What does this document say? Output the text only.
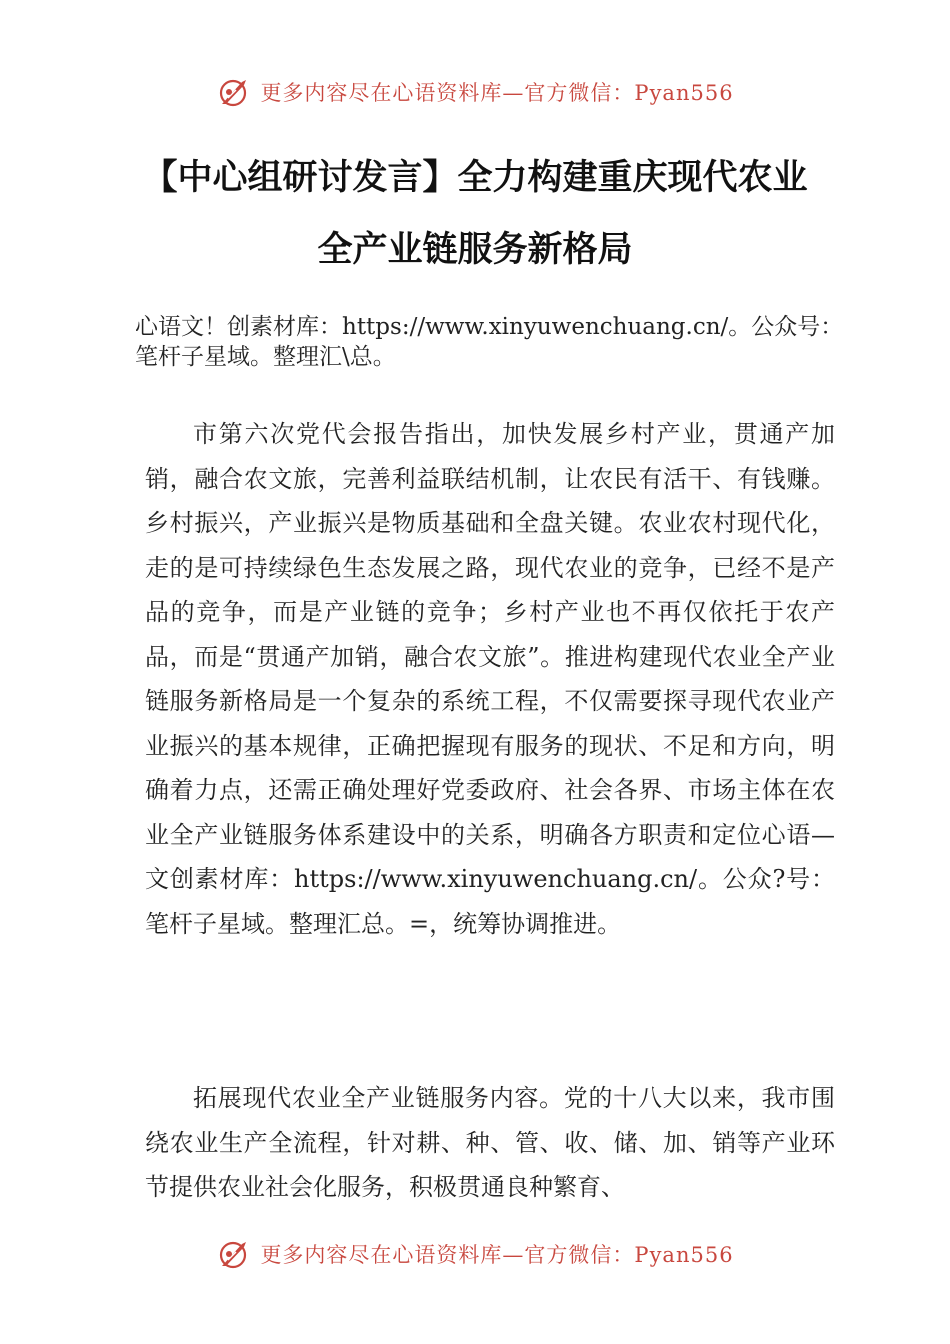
更多内容尽在心语资料库—官方微信：Pyan556
【中心组研讨发言】全力构建重庆现代农业
全产业链服务新格局
心语文！创素材库：https://www.xinyuwenchuang.cn/。公众号：笔杆子星域。整理汇\总。
市第六次党代会报告指出，加快发展乡村产业，贯通产加销，融合农文旅，完善利益联结机制，让农民有活干、有钱赚。乡村振兴，产业振兴是物质基础和全盘关键。农业农村现代化，走的是可持续绿色生态发展之路，现代农业的竞争，已经不是产品的竞争，而是产业链的竞争；乡村产业也不再仅依托于农产品，而是“贯通产加销，融合农文旅”。推进构建现代农业全产业链服务新格局是一个复杂的系统工程，不仅需要探寻现代农业产业振兴的基本规律，正确把握现有服务的现状、不足和方向，明确着力点，还需正确处理好党委政府、社会各界、市场主体在农业全产业链服务体系建设中的关系，明确各方职责和定位心语—文创素材库：https://www.xinyuwenchuang.cn/。公众?号：笔杆子星域。整理汇总。=，统筹协调推进。
拓展现代农业全产业链服务内容。党的十八大以来，我市围绕农业生产全流程，针对耕、种、管、收、储、加、销等产业环节提供农业社会化服务，积极贯通良种繁育、
更多内容尽在心语资料库—官方微信：Pyan556
